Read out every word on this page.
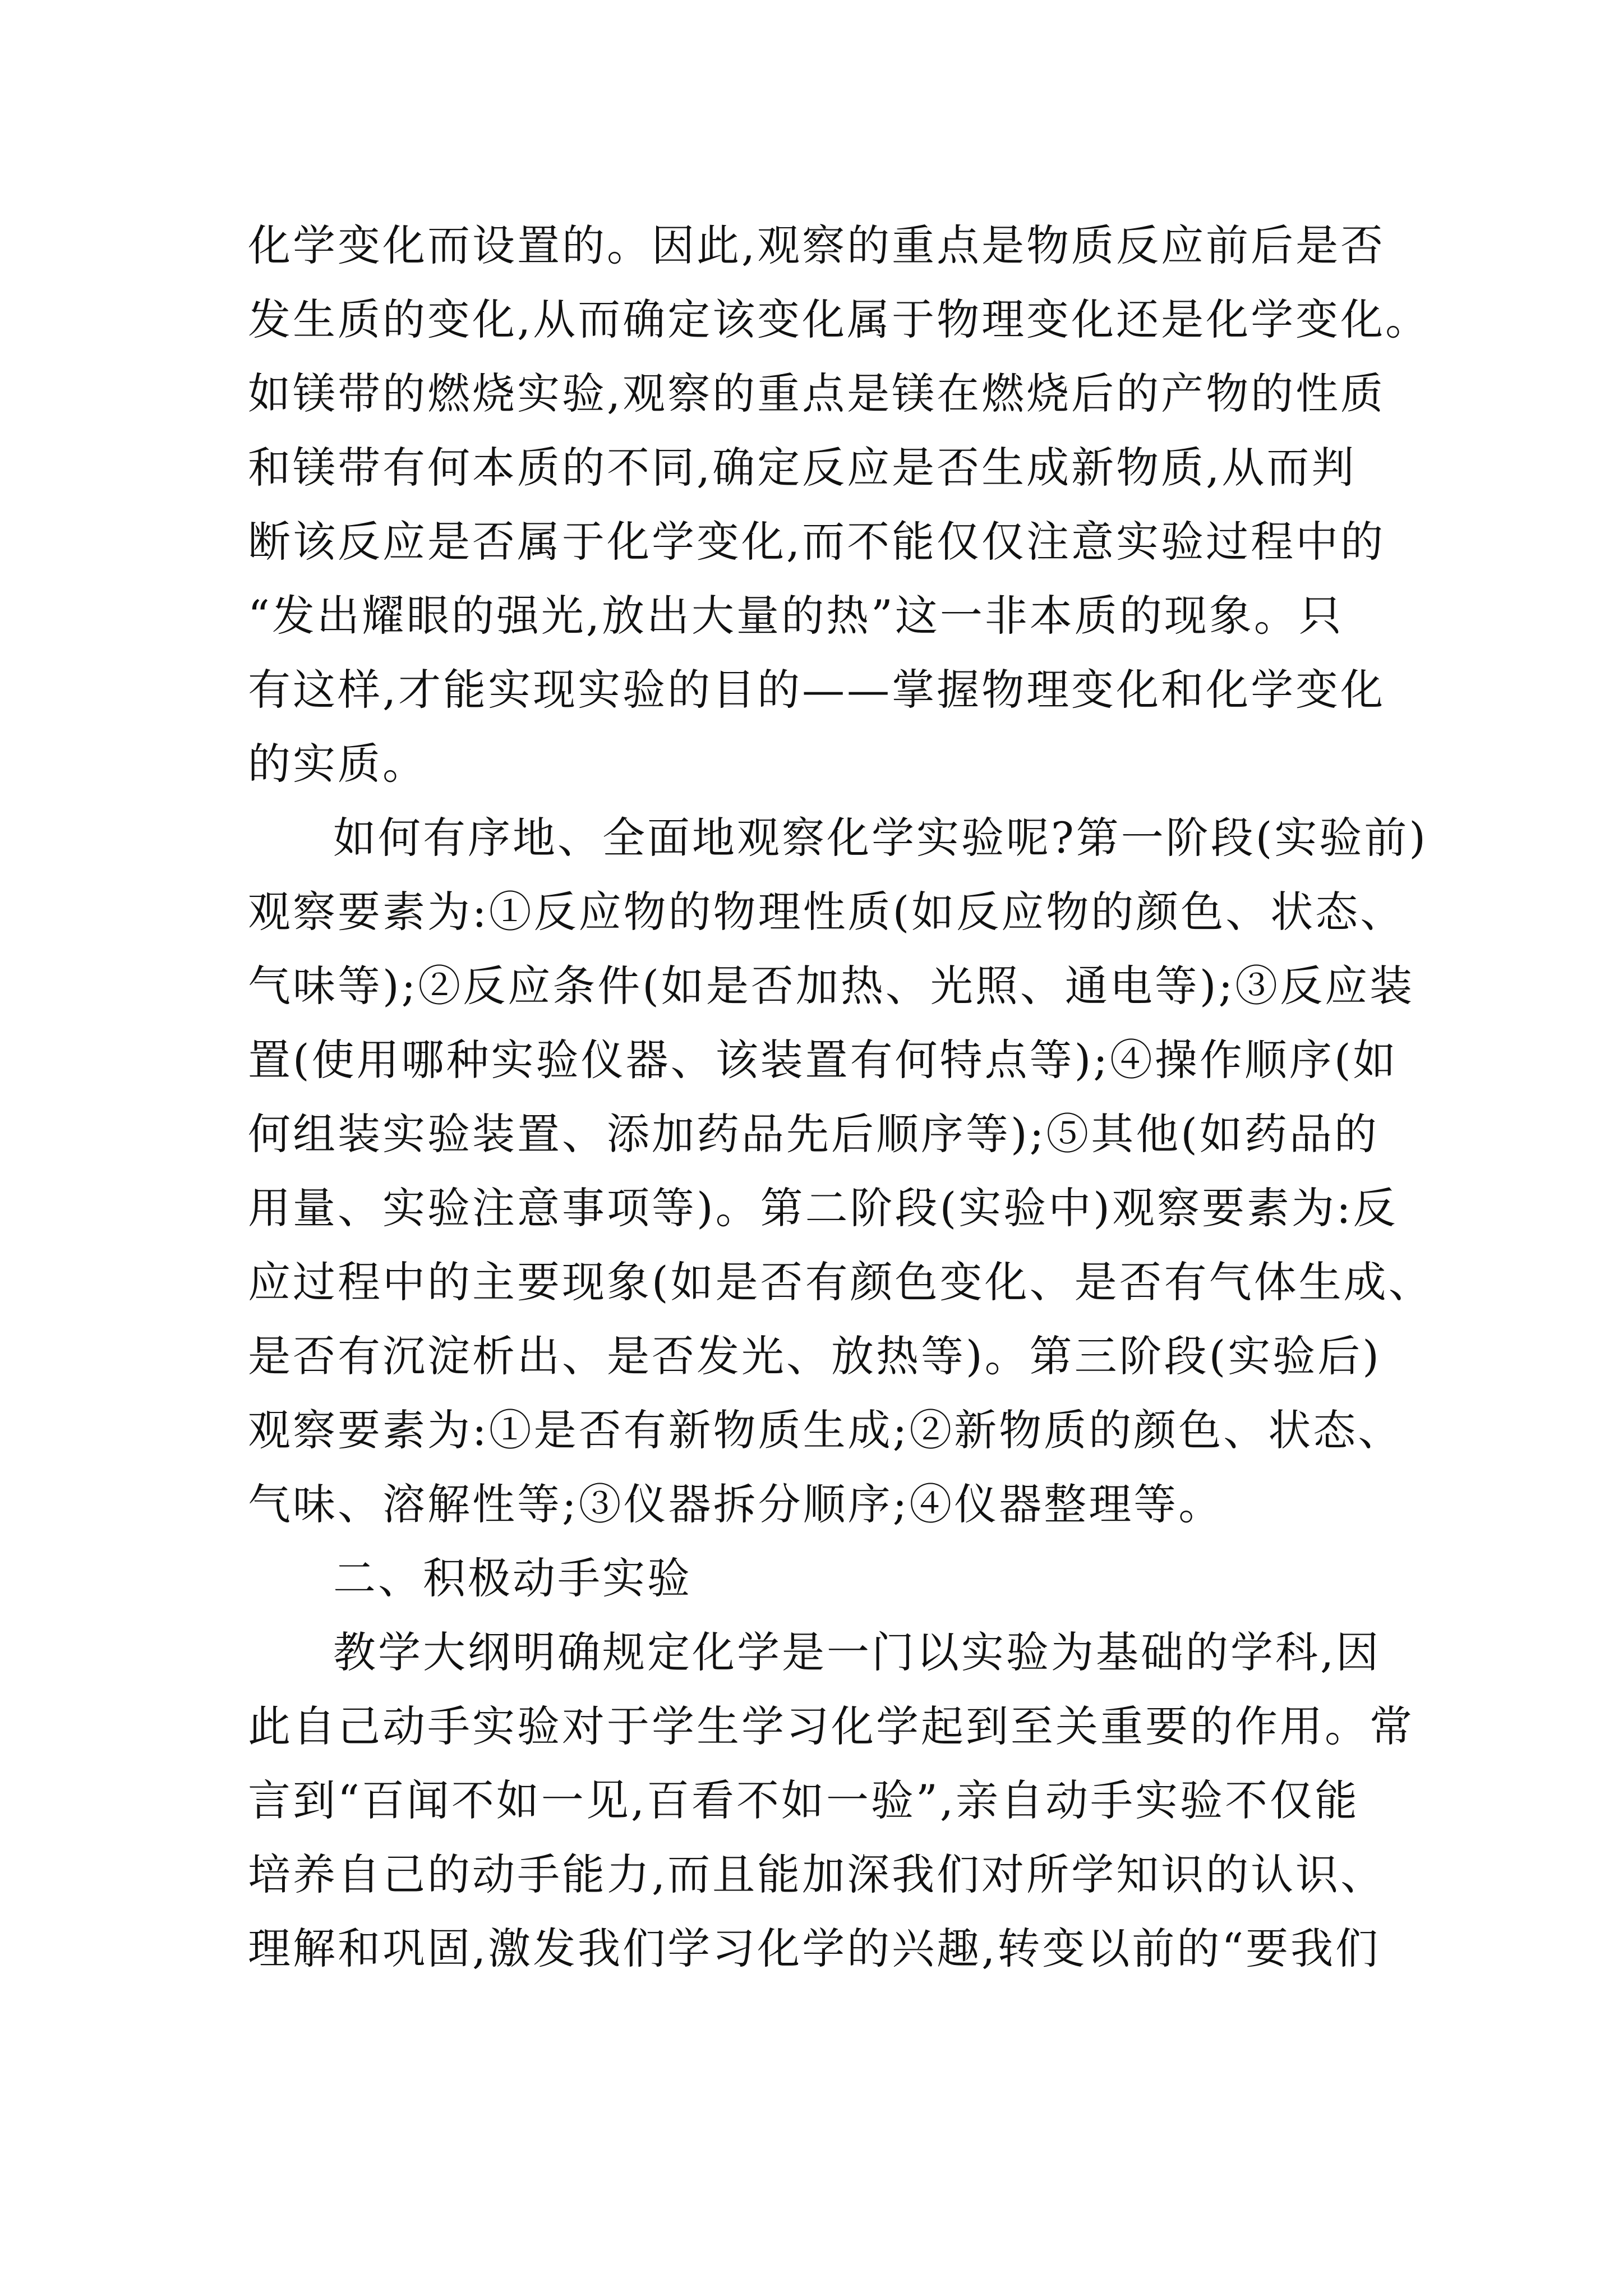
化学变化而设置的。因此,观察的重点是物质反应前后是否
发生质的变化,从而确定该变化属于物理变化还是化学变化。
如镁带的燃烧实验,观察的重点是镁在燃烧后的产物的性质
和镁带有何本质的不同,确定反应是否生成新物质,从而判
断该反应是否属于化学变化,而不能仅仅注意实验过程中的
“发出耀眼的强光,放出大量的热”这一非本质的现象。只
有这样,才能实现实验的目的——掌握物理变化和化学变化
的实质。
如何有序地、全面地观察化学实验呢?第一阶段(实验前)
观察要素为:①反应物的物理性质(如反应物的颜色、状态、
气味等);②反应条件(如是否加热、光照、通电等);③反应装
置(使用哪种实验仪器、该装置有何特点等);④操作顺序(如
何组装实验装置、添加药品先后顺序等);⑤其他(如药品的
用量、实验注意事项等)。第二阶段(实验中)观察要素为:反
应过程中的主要现象(如是否有颜色变化、是否有气体生成、
是否有沉淀析出、是否发光、放热等)。第三阶段(实验后)
观察要素为:①是否有新物质生成;②新物质的颜色、状态、
气味、溶解性等;③仪器拆分顺序;④仪器整理等。
二、积极动手实验
教学大纲明确规定化学是一门以实验为基础的学科,因
此自己动手实验对于学生学习化学起到至关重要的作用。常
言到“百闻不如一见,百看不如一验”,亲自动手实验不仅能
培养自己的动手能力,而且能加深我们对所学知识的认识、
理解和巩固,激发我们学习化学的兴趣,转变以前的“要我们
